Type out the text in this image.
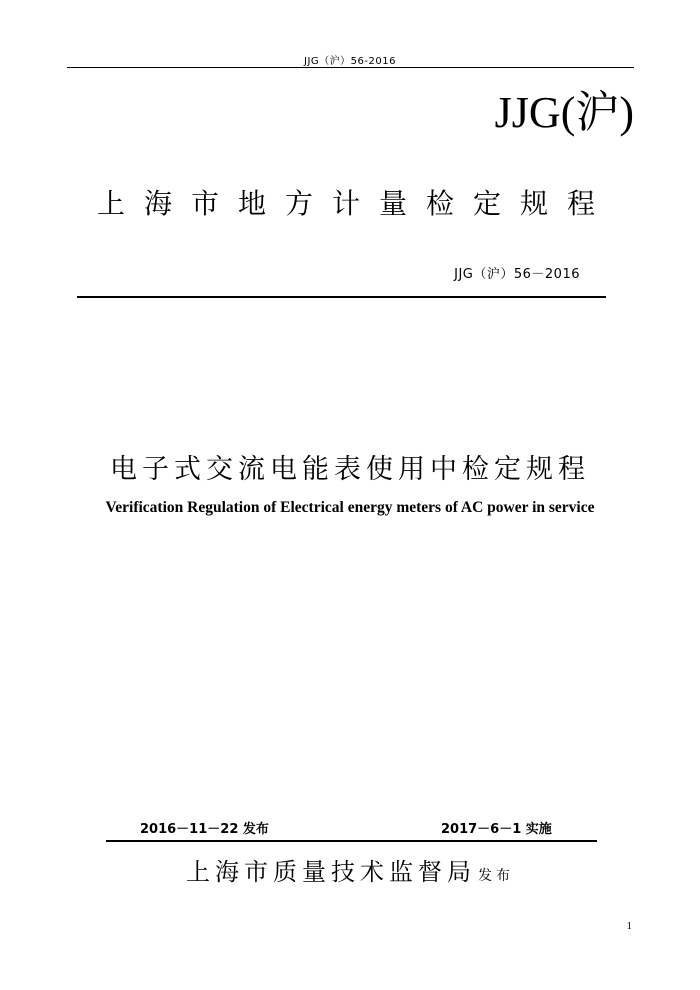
JJG（沪）56-2016
JJG(沪)
上海市地方计量检定规程
JJG（沪）56－2016
电子式交流电能表使用中检定规程
Verification Regulation of Electrical energy meters of AC power in service
2016－11－22 发布	2017－6－1 实施
上海市质量技术监督局 发布
1
